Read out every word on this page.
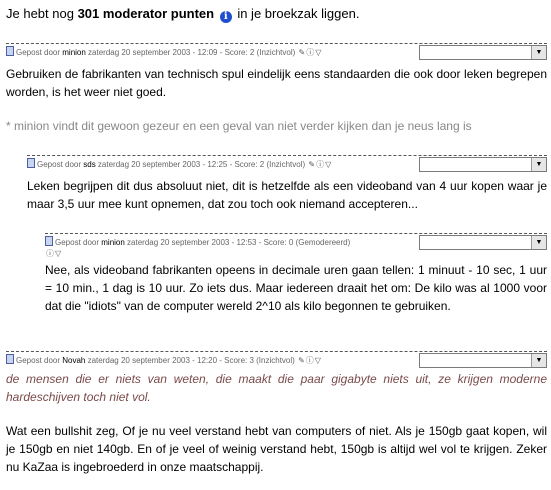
Je hebt nog 301 moderator punten i in je broekzak liggen.
Gepost door minion zaterdag 20 september 2003 - 12:09 - Score: 2 (Inzichtvol) ✎ⓘ▽	▼
Gebruiken de fabrikanten van technisch spul eindelijk eens standaarden die ook door leken begrepen worden, is het weer niet goed.
* minion vindt dit gewoon gezeur en een geval van niet verder kijken dan je neus lang is
Gepost door sds zaterdag 20 september 2003 - 12:25 - Score: 2 (Inzichtvol) ✎ⓘ▽	▼
Leken begrijpen dit dus absoluut niet, dit is hetzelfde als een videoband van 4 uur kopen waar je maar 3,5 uur mee kunt opnemen, dat zou toch ook niemand accepteren...
Gepost door minion zaterdag 20 september 2003 - 12:53 - Score: 0 (Gemodereerd)
ⓘ▽
▼
Nee, als videoband fabrikanten opeens in decimale uren gaan tellen: 1 minuut - 10 sec, 1 uur = 10 min., 1 dag is 10 uur. Zo iets dus. Maar iedereen draait het om: De kilo was al 1000 voor dat die "idiots" van de computer wereld 2^10 als kilo begonnen te gebruiken.
Gepost door Novah zaterdag 20 september 2003 - 12:20 - Score: 3 (Inzichtvol) ✎ⓘ▽	▼
de mensen die er niets van weten, die maakt die paar gigabyte niets uit, ze krijgen moderne hardeschijven toch niet vol.
Wat een bullshit zeg, Of je nu veel verstand hebt van computers of niet. Als je 150gb gaat kopen, wil je 150gb en niet 140gb. En of je veel of weinig verstand hebt, 150gb is altijd wel vol te krijgen. Zeker nu KaZaa is ingebroederd in onze maatschappij.
